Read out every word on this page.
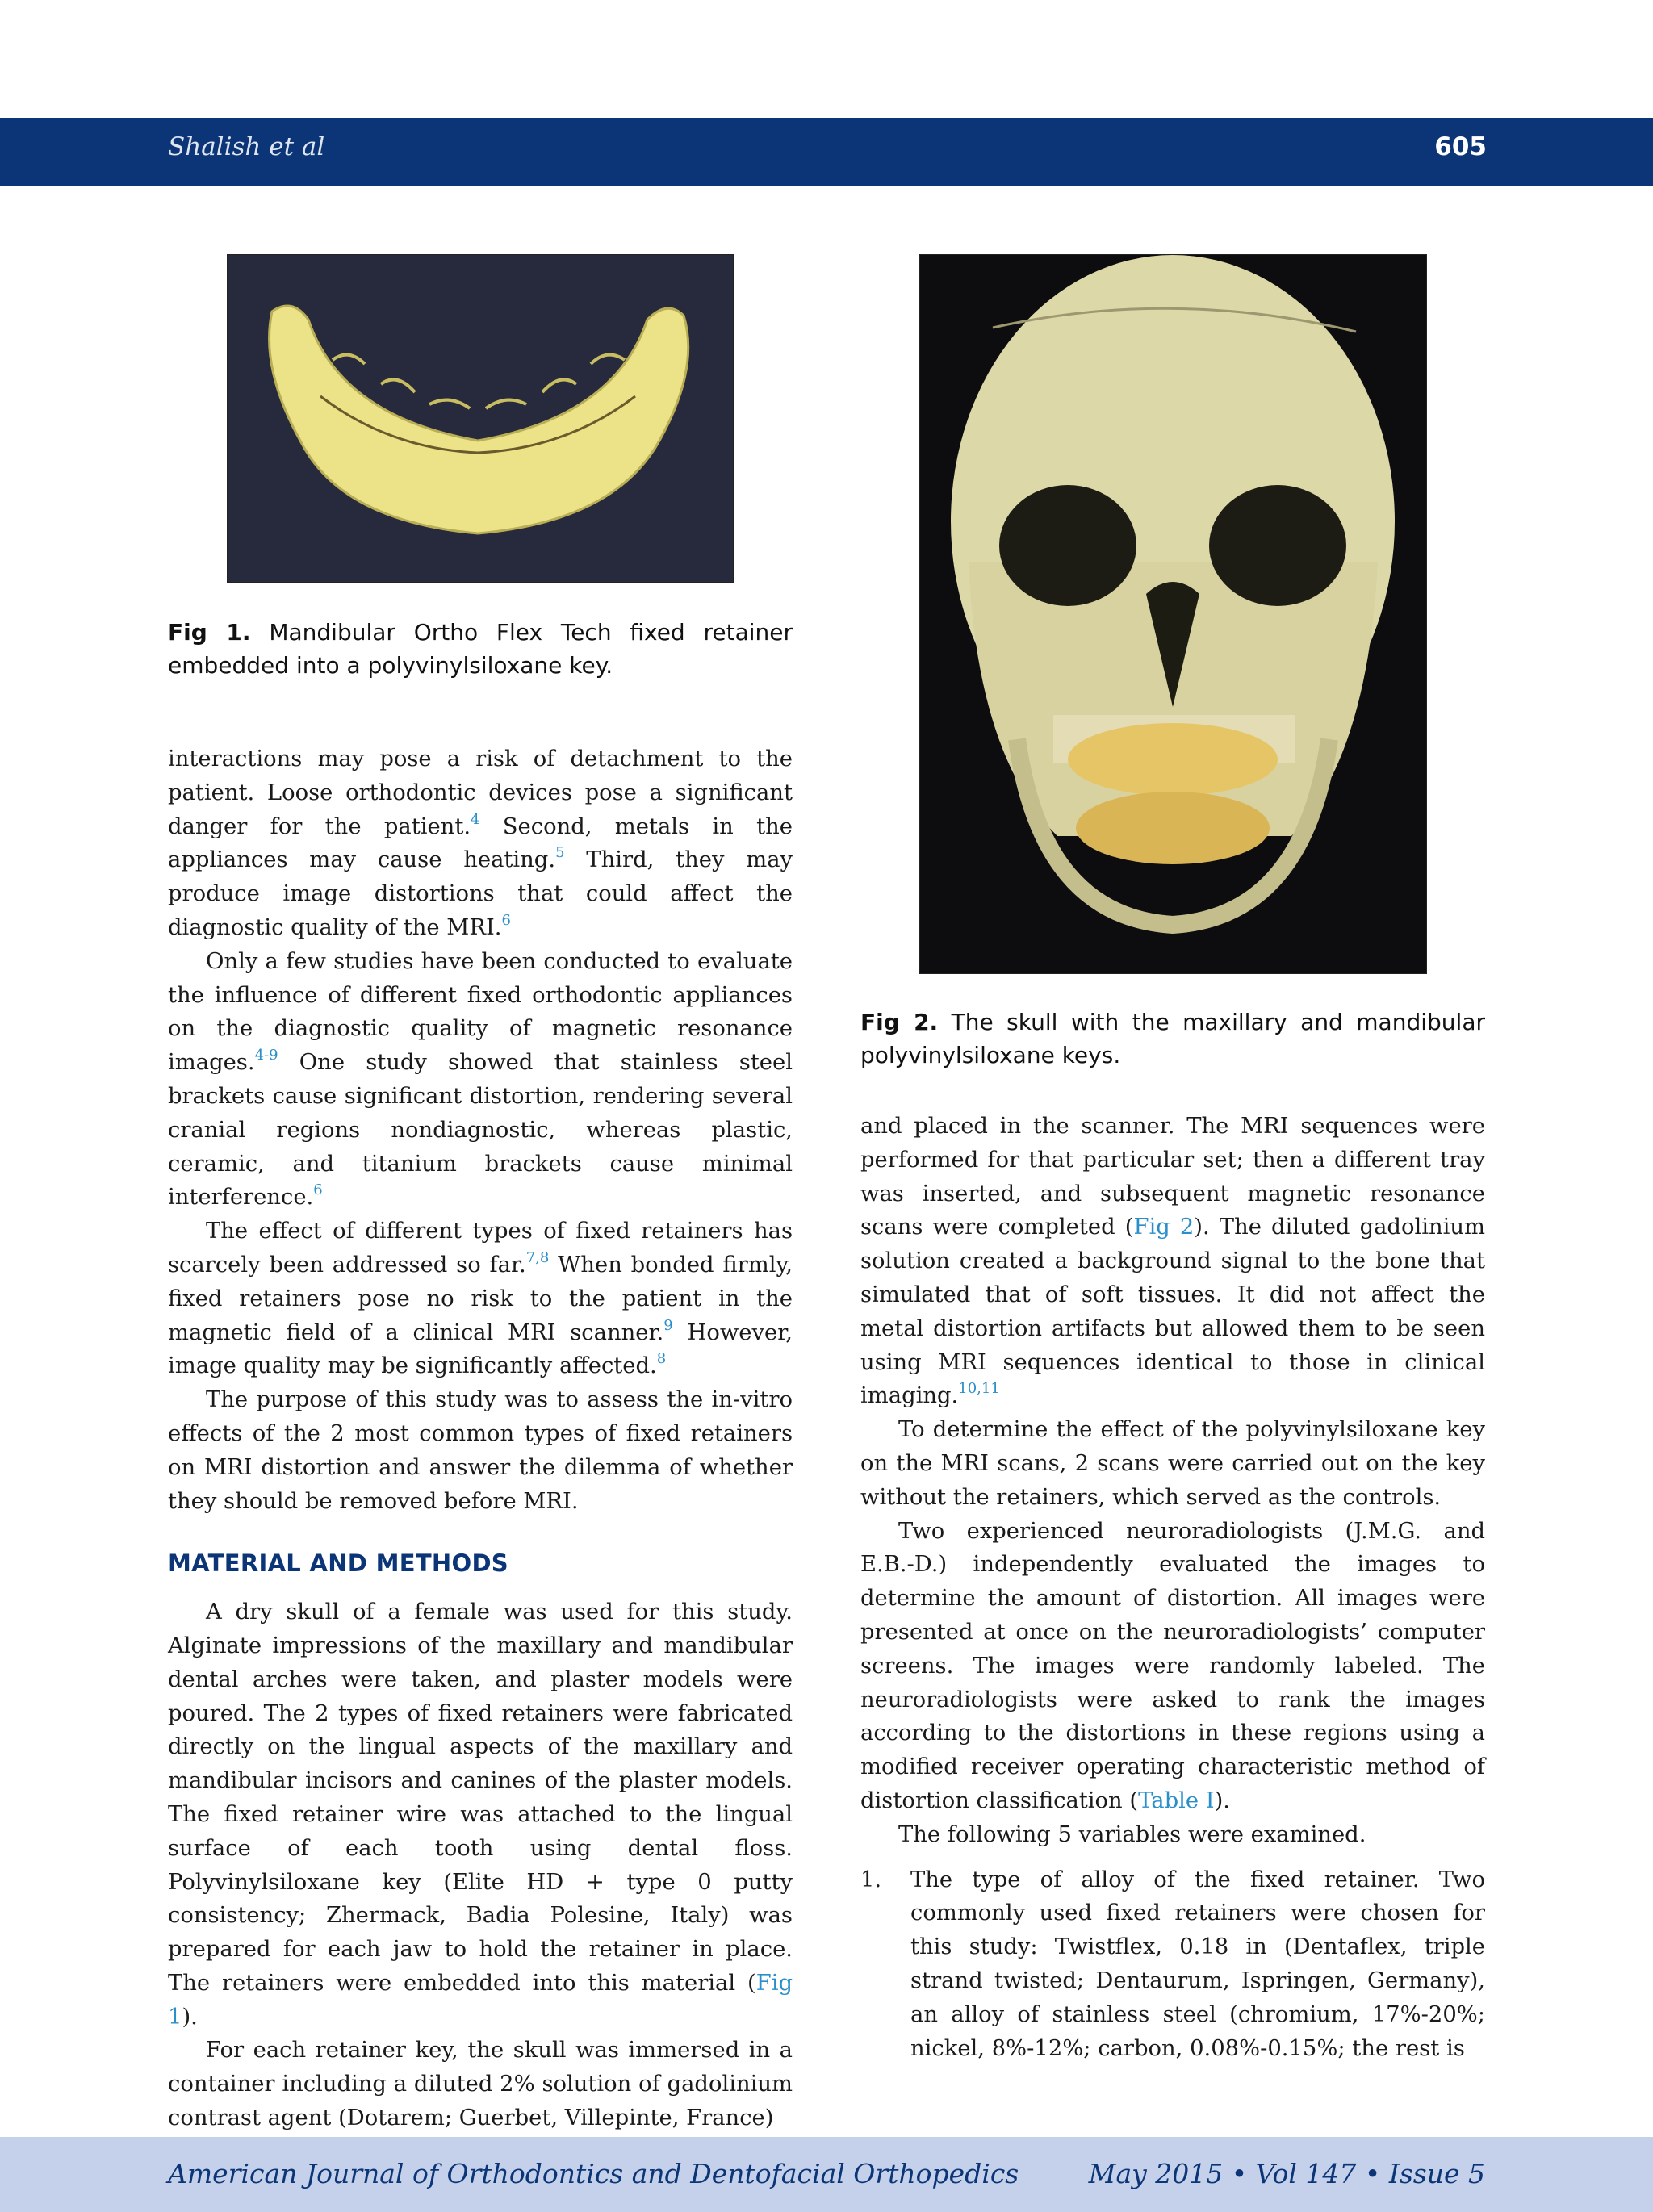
Shalish et al	605
Fig 1. Mandibular Ortho Flex Tech fixed retainer embedded into a polyvinylsiloxane key.
Fig 2. The skull with the maxillary and mandibular polyvinylsiloxane keys.

interactions may pose a risk of detachment to the patient. Loose orthodontic devices pose a significant danger for the patient.$^4$ Second, metals in the appliances may cause heating.$^5$ Third, they may produce image distortions that could affect the diagnostic quality of the MRI.$^6$

Only a few studies have been conducted to evaluate the influence of different fixed orthodontic appliances on the diagnostic quality of magnetic resonance images.$^{4-9}$ One study showed that stainless steel brackets cause significant distortion, rendering several cranial regions nondiagnostic, whereas plastic, ceramic, and titanium brackets cause minimal interference.$^6$

The effect of different types of fixed retainers has scarcely been addressed so far.$^{7,8}$ When bonded firmly, fixed retainers pose no risk to the patient in the magnetic field of a clinical MRI scanner.$^9$ However, image quality may be significantly affected.$^8$

The purpose of this study was to assess the in-vitro effects of the 2 most common types of fixed retainers on MRI distortion and answer the dilemma of whether they should be removed before MRI.

MATERIAL AND METHODS

A dry skull of a female was used for this study. Alginate impressions of the maxillary and mandibular dental arches were taken, and plaster models were poured. The 2 types of fixed retainers were fabricated directly on the lingual aspects of the maxillary and mandibular incisors and canines of the plaster models. The fixed retainer wire was attached to the lingual surface of each tooth using dental floss. Polyvinylsiloxane key (Elite HD + type 0 putty consistency; Zhermack, Badia Polesine, Italy) was prepared for each jaw to hold the retainer in place. The retainers were embedded into this material (Fig 1).

For each retainer key, the skull was immersed in a container including a diluted 2% solution of gadolinium contrast agent (Dotarem; Guerbet, Villepinte, France)

and placed in the scanner. The MRI sequences were performed for that particular set; then a different tray was inserted, and subsequent magnetic resonance scans were completed (Fig 2). The diluted gadolinium solution created a background signal to the bone that simulated that of soft tissues. It did not affect the metal distortion artifacts but allowed them to be seen using MRI sequences identical to those in clinical imaging.$^{10,11}$

To determine the effect of the polyvinylsiloxane key on the MRI scans, 2 scans were carried out on the key without the retainers, which served as the controls.

Two experienced neuroradiologists (J.M.G. and E.B.-D.) independently evaluated the images to determine the amount of distortion. All images were presented at once on the neuroradiologists’ computer screens. The images were randomly labeled. The neuroradiologists were asked to rank the images according to the distortions in these regions using a modified receiver operating characteristic method of distortion classification (Table I).

The following 5 variables were examined.

1. The type of alloy of the fixed retainer. Two commonly used fixed retainers were chosen for this study: Twistflex, 0.18 in (Dentaflex, triple strand twisted; Dentaurum, Ispringen, Germany), an alloy of stainless steel (chromium, 17%-20%; nickel, 8%-12%; carbon, 0.08%-0.15%; the rest is
American Journal of Orthodontics and Dentofacial Orthopedics	May 2015 • Vol 147 • Issue 5
